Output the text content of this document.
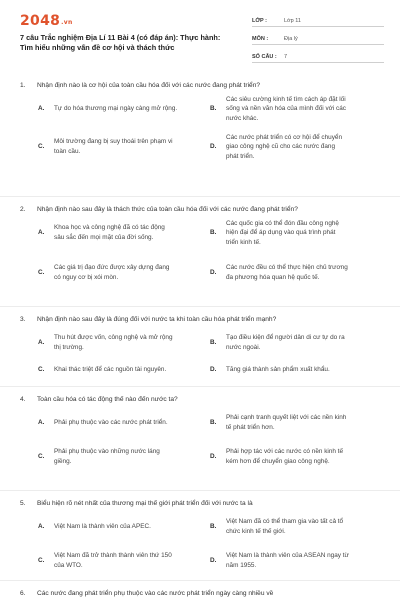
$2048_{.vn}$
7 câu Trắc nghiệm Địa Lí 11 Bài 4 (có đáp án): Thực hành: Tìm hiểu những vấn đề cơ hội và thách thức
LỚP :	Lớp 11
MÔN :	Địa lý
SỐ CÂU :	7
1. Nhận định nào là cơ hội của toàn cầu hóa đối với các nước đang phát triển?
A. Tự do hóa thương mại ngày càng mở rộng.	B.
Các siêu cường kinh tế tìm cách áp đặt lối
sống và nền văn hóa của mình đối với các
nước khác.
C.
Môi trường đang bị suy thoái trên phạm vi
toàn cầu.
D.
Các nước phát triển có cơ hội để chuyển
giao công nghệ cũ cho các nước đang
phát triển.
2. Nhận định nào sau đây là thách thức của toàn cầu hóa đối với các nước đang phát triển?
A.
Khoa học và công nghệ đã có tác động
sâu sắc đến mọi mặt của đời sống.
B.
Các quốc gia có thể đón đầu công nghệ
hiện đại để áp dụng vào quá trình phát
triển kinh tế.
C.
Các giá trị đạo đức được xây dựng đang
có nguy cơ bị xói mòn.
D.
Các nước đều có thể thực hiện chủ trương
đa phương hóa quan hệ quốc tế.
3. Nhận định nào sau đây là đúng đối với nước ta khi toàn cầu hóa phát triển mạnh?
A.
Thu hút được vốn, công nghệ và mở rộng
thị trường.
B.
Tạo điều kiện để người dân di cư tự do ra
nước ngoài.
C. Khai thác triệt để các nguồn tài nguyên.	D. Tăng giá thành sản phẩm xuất khẩu.
4. Toàn cầu hóa có tác động thế nào đến nước ta?
A. Phải phụ thuộc vào các nước phát triển.	B.
Phải cạnh tranh quyết liệt với các nền kinh
tế phát triển hơn.
C.
Phải phụ thuộc vào những nước láng
giềng.
D.
Phải hợp tác với các nước có nền kinh tế
kém hơn để chuyển giao công nghệ.
5. Biểu hiện rõ nét nhất của thương mại thế giới phát triển đối với nước ta là
A. Việt Nam là thành viên của APEC.	B.
Việt Nam đã có thể tham gia vào tất cả tổ
chức kinh tế thế giới.
C.
Việt Nam đã trở thành thành viên thứ 150
của WTO.
D.
Việt Nam là thành viên của ASEAN ngay từ
năm 1955.
6. Các nước đang phát triển phụ thuộc vào các nước phát triển ngày càng nhiều về
